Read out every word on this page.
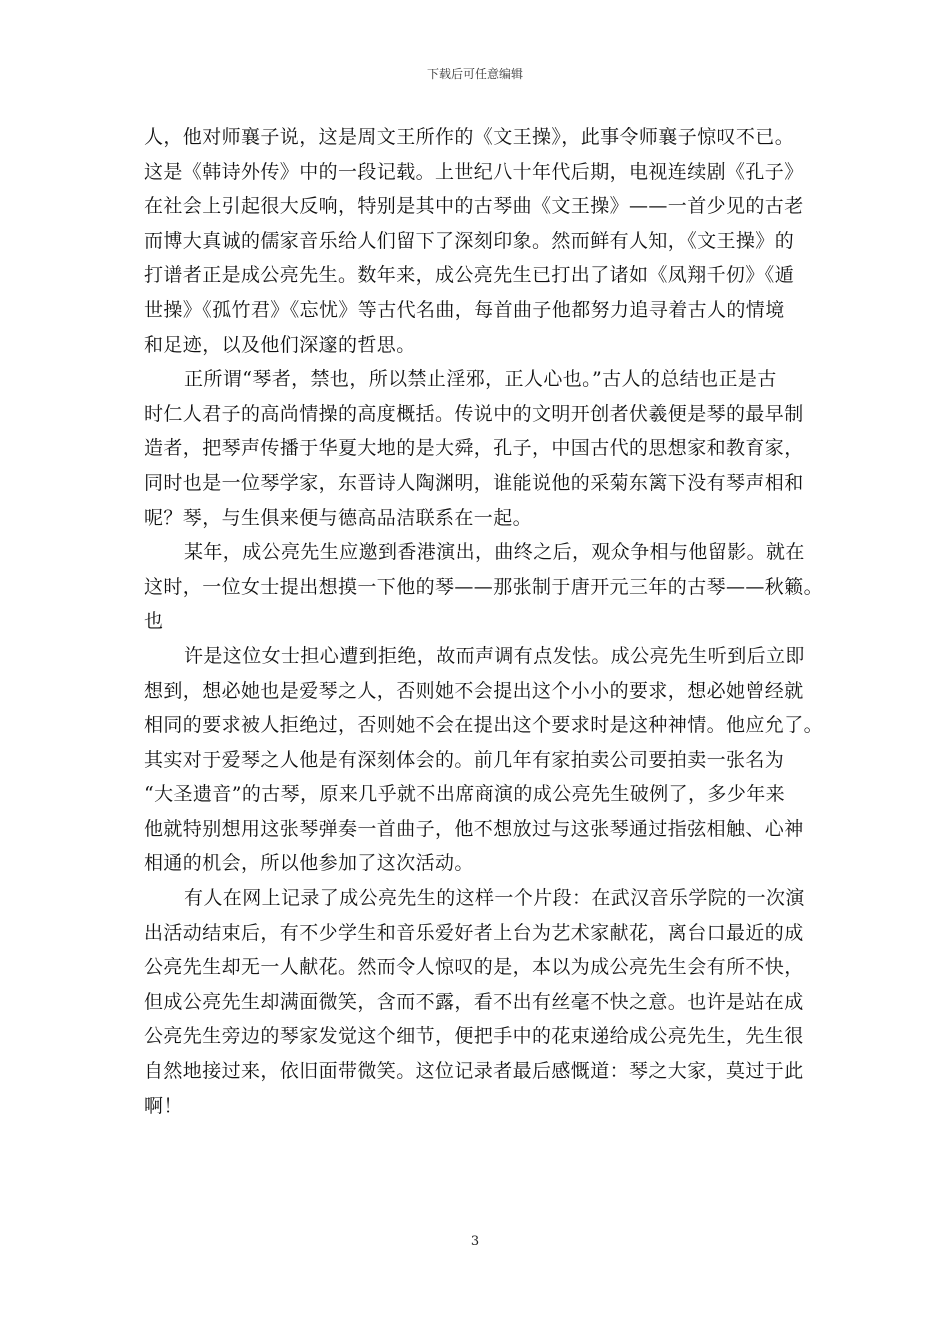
下载后可任意编辑
人，他对师襄子说，这是周文王所作的《文王操》，此事令师襄子惊叹不已。
这是《韩诗外传》中的一段记载。上世纪八十年代后期，电视连续剧《孔子》
在社会上引起很大反响，特别是其中的古琴曲《文王操》——一首少见的古老
而博大真诚的儒家音乐给人们留下了深刻印象。然而鲜有人知，《文王操》的
打谱者正是成公亮先生。数年来，成公亮先生已打出了诸如《凤翔千仞》《遁
世操》《孤竹君》《忘忧》等古代名曲，每首曲子他都努力追寻着古人的情境
和足迹，以及他们深邃的哲思。
正所谓“琴者，禁也，所以禁止淫邪，正人心也。”古人的总结也正是古
时仁人君子的高尚情操的高度概括。传说中的文明开创者伏羲便是琴的最早制
造者，把琴声传播于华夏大地的是大舜，孔子，中国古代的思想家和教育家，
同时也是一位琴学家，东晋诗人陶渊明，谁能说他的采菊东篱下没有琴声相和
呢？琴，与生俱来便与德高品洁联系在一起。
某年，成公亮先生应邀到香港演出，曲终之后，观众争相与他留影。就在
这时，一位女士提出想摸一下他的琴——那张制于唐开元三年的古琴——秋籁。
也
许是这位女士担心遭到拒绝，故而声调有点发怯。成公亮先生听到后立即
想到，想必她也是爱琴之人，否则她不会提出这个小小的要求，想必她曾经就
相同的要求被人拒绝过，否则她不会在提出这个要求时是这种神情。他应允了。
其实对于爱琴之人他是有深刻体会的。前几年有家拍卖公司要拍卖一张名为
“大圣遗音”的古琴，原来几乎就不出席商演的成公亮先生破例了，多少年来
他就特别想用这张琴弹奏一首曲子，他不想放过与这张琴通过指弦相触、心神
相通的机会，所以他参加了这次活动。
有人在网上记录了成公亮先生的这样一个片段：在武汉音乐学院的一次演
出活动结束后，有不少学生和音乐爱好者上台为艺术家献花，离台口最近的成
公亮先生却无一人献花。然而令人惊叹的是，本以为成公亮先生会有所不快，
但成公亮先生却满面微笑，含而不露，看不出有丝毫不快之意。也许是站在成
公亮先生旁边的琴家发觉这个细节，便把手中的花束递给成公亮先生，先生很
自然地接过来，依旧面带微笑。这位记录者最后感慨道：琴之大家，莫过于此
啊！
3
